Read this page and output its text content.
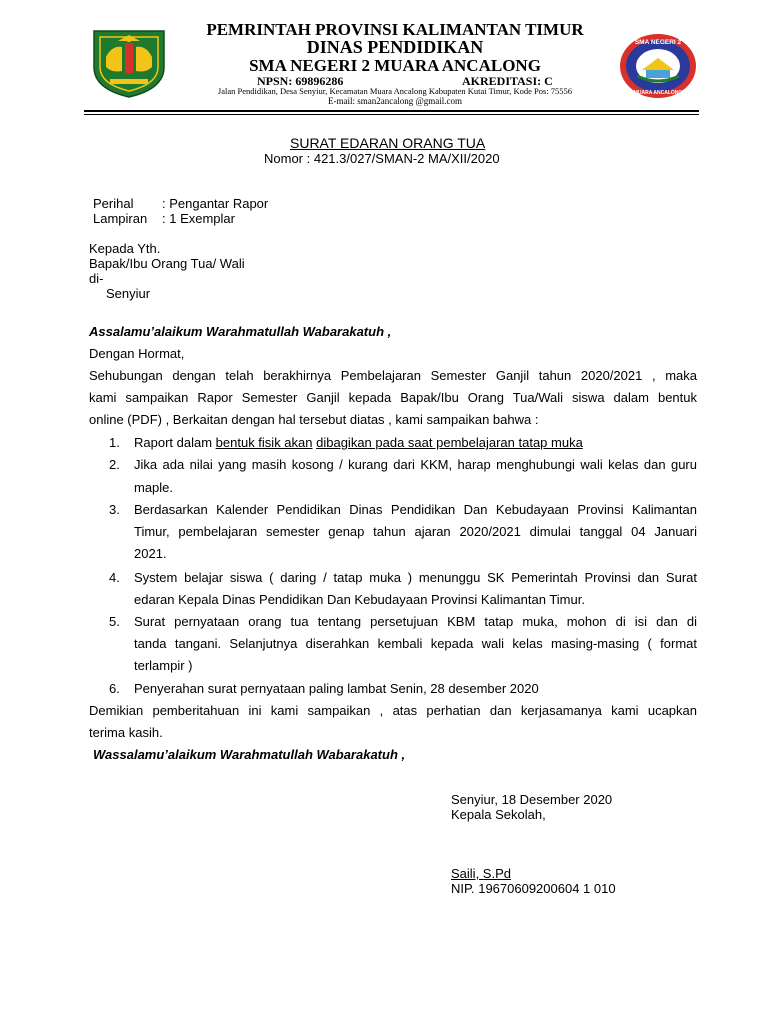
PEMRINTAH PROVINSI KALIMANTAN TIMUR
DINAS PENDIDIKAN
SMA NEGERI 2 MUARA ANCALONG
NPSN: 69896286	AKREDITASI: C
Jalan Pendidikan, Desa Senyiur, Kecamatan Muara Ancalong Kabupaten Kutai Timur, Kode Pos: 75556
E-mail: sman2ancalong @gmail.com
SMA NEGERI 2
MUARA ANCALONG
SURAT EDARAN ORANG TUA
Nomor : 421.3/027/SMAN-2 MA/XII/2020
Perihal : Pengantar Rapor
Lampiran : 1 Exemplar
Kepada Yth.
Bapak/Ibu Orang Tua/ Wali
di-
Senyiur
Assalamu’alaikum Warahmatullah Wabarakatuh ,
Dengan Hormat,
Sehubungan dengan telah berakhirnya Pembelajaran Semester Ganjil tahun 2020/2021 , maka
kami sampaikan Rapor Semester Ganjil kepada Bapak/Ibu Orang Tua/Wali siswa dalam bentuk
online (PDF) , Berkaitan dengan hal tersebut diatas , kami sampaikan bahwa :
1. Raport dalam bentuk fisik akan dibagikan pada saat pembelajaran tatap muka
2. Jika ada nilai yang masih kosong / kurang dari KKM, harap menghubungi wali kelas dan guru
maple.
3. Berdasarkan Kalender Pendidikan Dinas Pendidikan Dan Kebudayaan Provinsi Kalimantan
Timur, pembelajaran semester genap tahun ajaran 2020/2021 dimulai tanggal 04 Januari
2021.
4. System belajar siswa ( daring / tatap muka ) menunggu SK Pemerintah Provinsi dan Surat
edaran Kepala Dinas Pendidikan Dan Kebudayaan Provinsi Kalimantan Timur.
5. Surat pernyataan orang tua tentang persetujuan KBM tatap muka, mohon di isi dan di
tanda tangani. Selanjutnya diserahkan kembali kepada wali kelas masing-masing ( format
terlampir )
6. Penyerahan surat pernyataan paling lambat Senin, 28 desember 2020
Demikian pemberitahuan ini kami sampaikan , atas perhatian dan kerjasamanya kami ucapkan
terima kasih.
Wassalamu’alaikum Warahmatullah Wabarakatuh ,
Senyiur, 18 Desember 2020
Kepala Sekolah,
Saili, S.Pd
NIP. 19670609200604 1 010
